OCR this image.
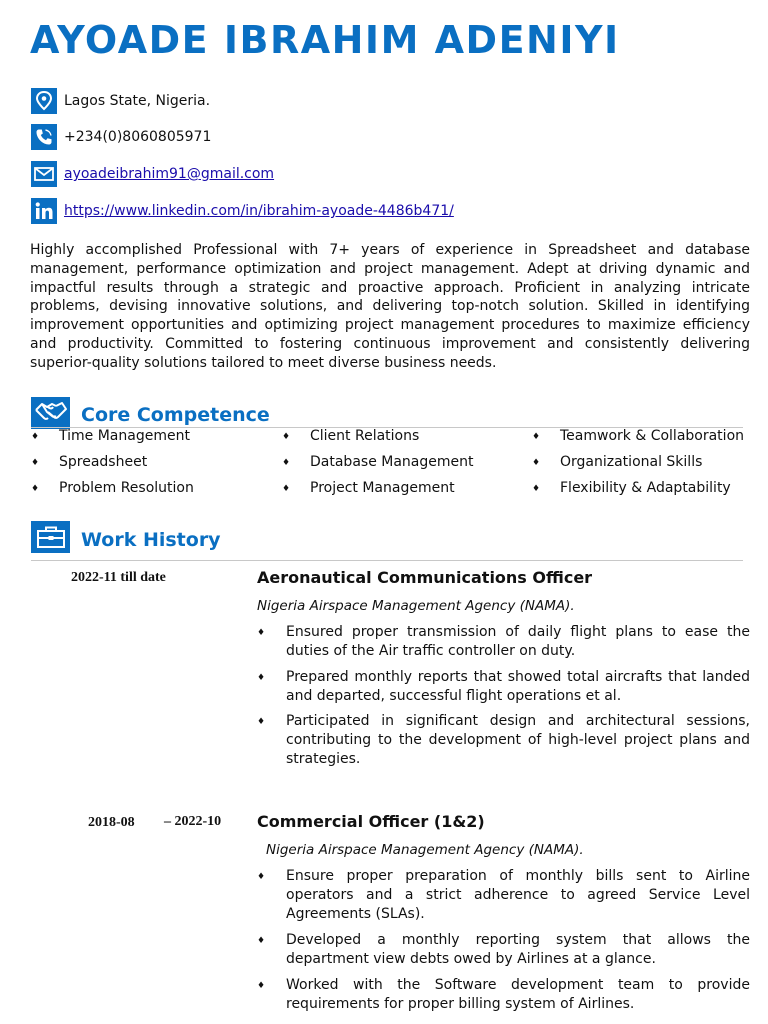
AYOADE IBRAHIM ADENIYI
Lagos State, Nigeria.
+234(0)8060805971
ayoadeibrahim91@gmail.com
https://www.linkedin.com/in/ibrahim-ayoade-4486b471/

Highly accomplished Professional with 7+ years of experience in Spreadsheet and database management, performance optimization and project management. Adept at driving dynamic and impactful results through a strategic and proactive approach. Proficient in analyzing intricate problems, devising innovative solutions, and delivering top-notch solution. Skilled in identifying improvement opportunities and optimizing project management procedures to maximize efficiency and productivity. Committed to fostering continuous improvement and consistently delivering superior-quality solutions tailored to meet diverse business needs.

Core Competence
♦ Time Management	♦ Client Relations	♦ Teamwork & Collaboration
♦ Spreadsheet	♦ Database Management	♦ Organizational Skills
♦ Problem Resolution	♦ Project Management	♦ Flexibility & Adaptability
Work History
2022-11 till date	Aeronautical Communications Officer
Nigeria Airspace Management Agency (NAMA).
♦ Ensured proper transmission of daily flight plans to ease the duties of the Air traffic controller on duty.
♦ Prepared monthly reports that showed total aircrafts that landed and departed, successful flight operations et al.
♦ Participated in significant design and architectural sessions, contributing to the development of high-level project plans and strategies.
2018-08 – 2022-10 Commercial Officer (1&2)
Nigeria Airspace Management Agency (NAMA).
♦ Ensure proper preparation of monthly bills sent to Airline operators and a strict adherence to agreed Service Level Agreements (SLAs).
♦ Developed a monthly reporting system that allows the department view debts owed by Airlines at a glance.
♦ Worked with the Software development team to provide requirements for proper billing system of Airlines.
